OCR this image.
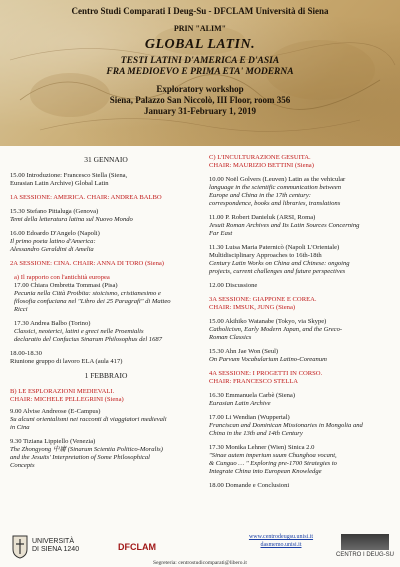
Centro Studi Comparati I Deug-Su - DFCLAM Università di Siena

PRIN "ALIM"

GLOBAL LATIN.

TESTI LATINI D'AMERICA E D'ASIA

FRA MEDIOEVO E PRIMA ETA' MODERNA

Exploratory workshop

Siena, Palazzo San Niccolò, III Floor, room 356

January 31-February 1, 2019

31 GENNAIO
15.00 Introduzione: Francesco Stella (Siena,
Eurasian Latin Archive) Global Latin
1A SESSIONE: AMERICA. CHAIR: ANDREA BALBO
15.30 Stefano Pittaluga (Genova)
Temi della letteratura latina sul Nuovo Mondo
16.00 Edoardo D'Angelo (Napoli)
Il primo poeta latino d'America:
Alessandro Geraldini di Amelia
2A SESSIONE: CINA. CHAIR: ANNA DI TORO (Siena)
a) Il rapporto con l'antichità europea
17.00 Chiara Ombretta Tommasi (Pisa)
Pecunia nella Città Proibita: stoicismo, cristianesimo e
filosofia confuciana nel "Libro dei 25 Paragrafi" di Matteo
Ricci
17.30 Andrea Balbo (Torino)
Classici, neoterici, latini e greci nelle Proemialis
declaratio del Confucius Sinarum Philosophus del 1687
18.00-18.30
Riunione gruppo di lavoro ELA (aula 417)
1 FEBBRAIO
B) LE ESPLORAZIONI MEDIEVALI.
CHAIR: MICHELE PELLEGRINI (Siena)
9.00 Alvise Andreose (E-Campus)
Su alcuni orientalismi nei racconti di viaggiatori medievali
in Cina
9.30 Tiziana Lippiello (Venezia)
The Zhongyong 中庸 (Sinarum Scientia Politico-Moralis)
and the Jesuits' Interpretation of Some Philosophical
Concepts
C) L'INCULTURAZIONE GESUITA.
CHAIR: MAURIZIO BETTINI (Siena)
10.00 Noël Golvers (Leuven) Latin as the vehicular
language in the scientific communication between
Europe and China in the 17th century:
correspondence, books and libraries, translations
11.00 P. Robert Danieluk (ARSI, Roma)
Jesuit Roman Archives and Its Latin Sources Concerning
Far East
11.30 Luisa Maria Paternicò (Napoli L'Orientale)
Multidisciplinary Approaches to 16th-18th
Century Latin Works on China and Chinese: ongoing
projects, current challenges and future perspectives
12.00 Discussione
3A SESSIONE: GIAPPONE E COREA.
CHAIR: IMSUK, JUNG (Siena)
15.00 Akihiko Watanabe (Tokyo, via Skype)
Catholicism, Early Modern Japan, and the Greco-
Roman Classics
15.30 Ahn Jae Won (Seul)
On Parvum Vocabularium Latino-Coreanum
4A SESSIONE: I PROGETTI IN CORSO.
CHAIR: FRANCESCO STELLA
16.30 Emmanuela Carbè (Siena)
Eurasian Latin Archive
17.00 Li Wendian (Wuppertal)
Franciscan and Dominican Missionaries in Mongolia and
China in the 13th and 14th Century
17.30 Monika Lehner (Wien) Sinica 2.0
"Sinae autem imperium suum Chunghoa vocant,
& Cunguo … " Exploring pre-1700 Strategies to
Integrate China into European Knowledge
18.00 Domande e Conclusioni
UNIVERSITÀ
DI SIENA 1240	DFCLAM
www.centrodeugsu.unisi.it
dasmemo.unisi.it
CENTRO I DEUG-SU
Segreteria: centrostudicomparati@libero.it
